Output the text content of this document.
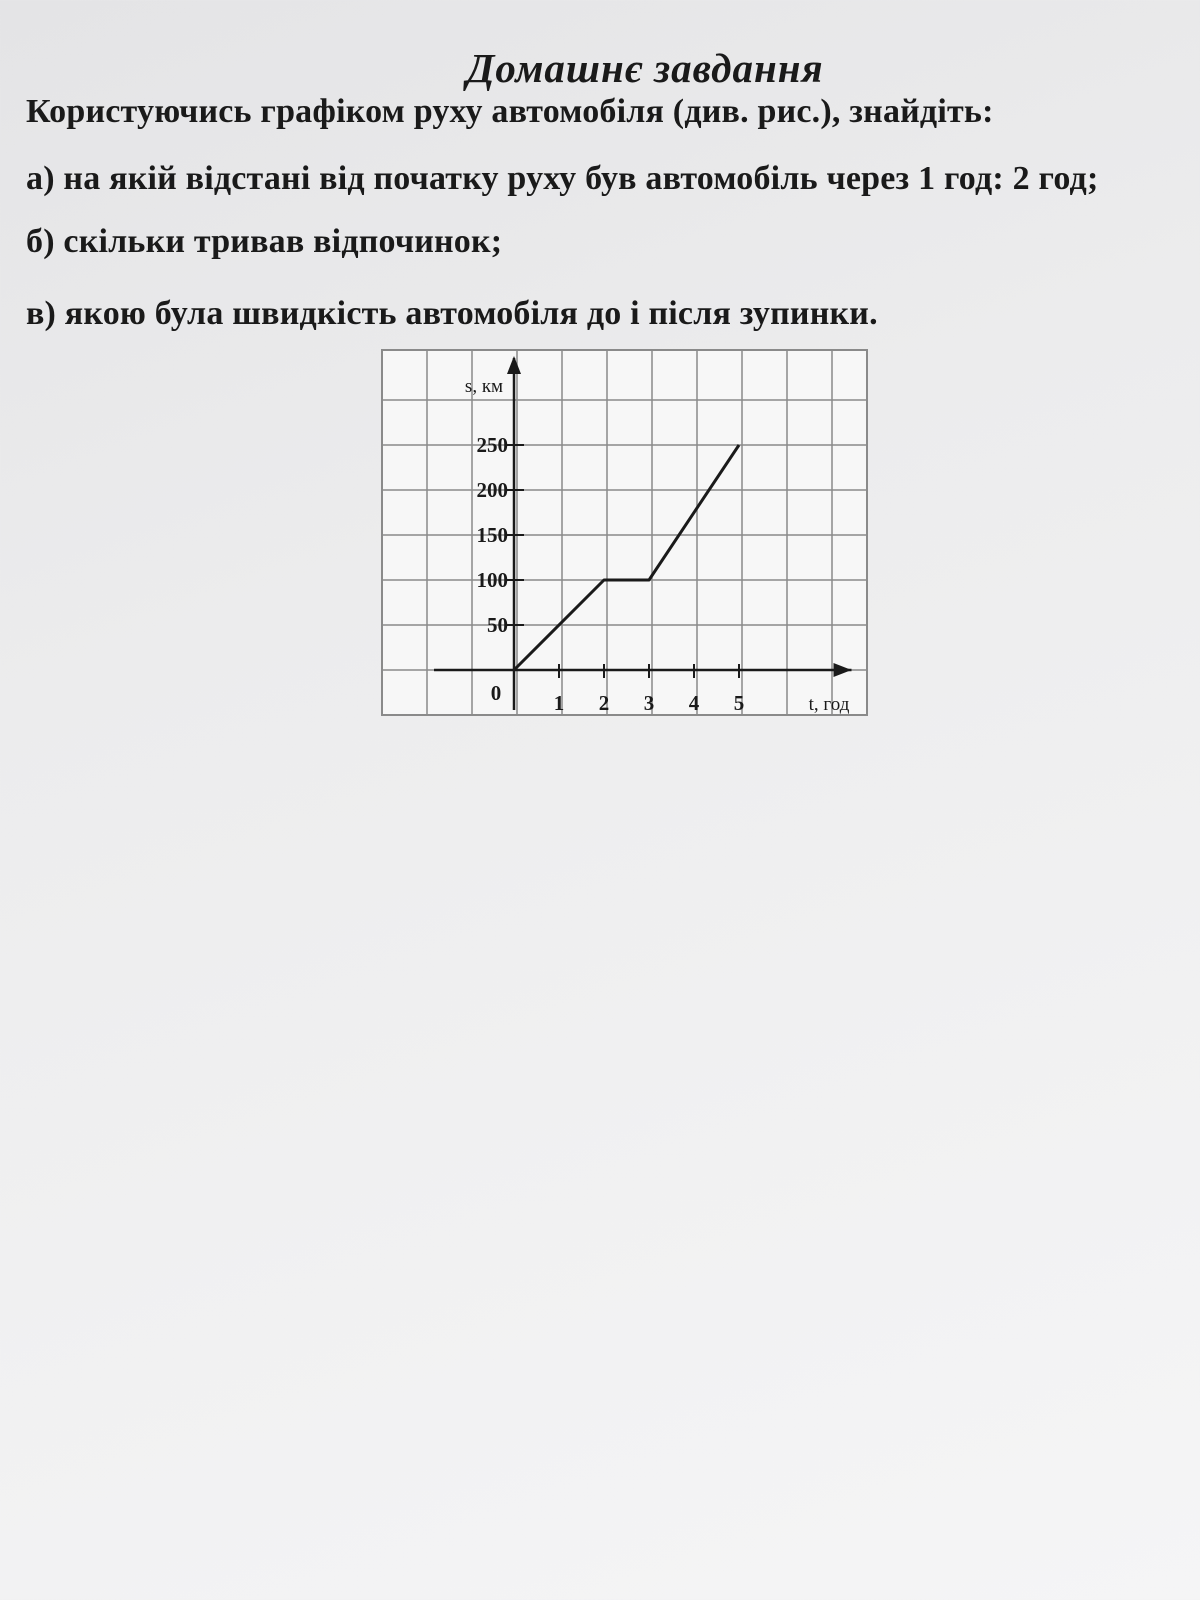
Домашнє завдання
Користуючись графіком руху автомобіля (див. рис.), знайдіть:
а) на якій відстані від початку руху був автомобіль через 1 год: 2 год;
б) скільки тривав відпочинок;
в) якою була швидкість автомобіля до і після зупинки.
50
100
150
200
250
1 2 3 4 5
0
s, км
t, год
